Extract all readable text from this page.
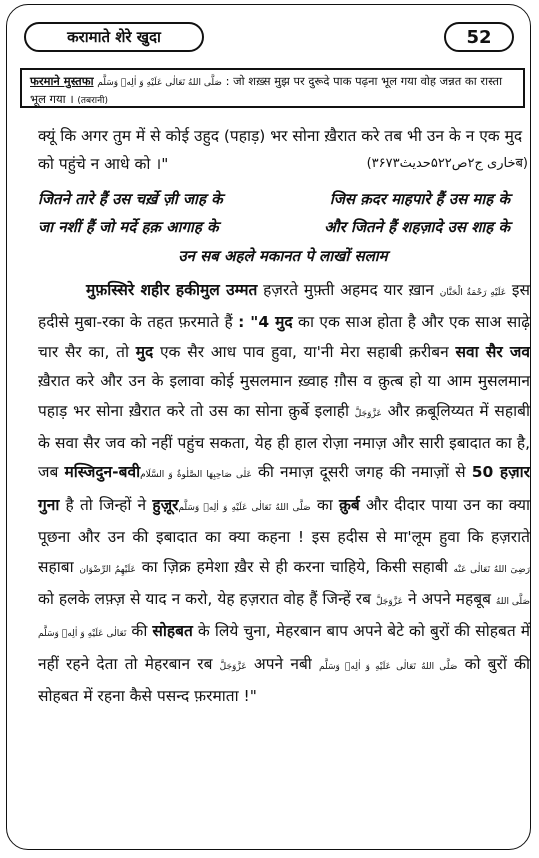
करामाते शेरे खुदा	52
फरमाने मुस्तफा صَلَّى اللهُ تَعَالٰى عَلَيْهِ وَ اٰلِهٖ وَسَلَّم : जो शख़्स मुझ पर दुरूदे पाक पढ़ना भूल गया वोह जन्नत का रास्ता भूल गया । (तबरानी)
क्यूं कि अगर तुम में से कोई उहुद (पहाड़) भर सोना ख़ैरात करे तब भी उन के न एक मुद को पहुंचे न आधे को ।"	(बخاری ج۲ص۵۲۲حدیث۳۶۷۳)
जितने तारे हैं उस चर्ख़े ज़ी जाह के	जिस क़दर माहपारे हैं उस माह के
जा नशीं हैं जो मर्दे हक़ आगाह के	और जितने हैं शहज़ादे उस शाह के
उन सब अहले मकानत पे लाखों सलाम
मुफ़स्सिरे शहीर हकीमुल उम्मत हज़रते मुफ़्ती अहमद यार ख़ान عَلَیْهِ رَحْمَةُ الْحَنَّان इस हदीसे मुबा-रका के तहत फ़रमाते हैं : "4 मुद का एक साअ होता है और एक साअ साढ़े चार सैर का, तो मुद एक सैर आध पाव हुवा, या'नी मेरा सहाबी क़रीबन सवा सैर जव ख़ैरात करे और उन के इलावा कोई मुसलमान ख़्वाह ग़ौस व क़ुत्ब हो या आम मुसलमान पहाड़ भर सोना ख़ैरात करे तो उस का सोना क़ुर्बे इलाही عَزَّوَجَلَّ और क़बूलिय्यत में सहाबी के सवा सैर जव को नहीं पहुंच सकता, येह ही हाल रोज़ा नमाज़ और सारी इबादात का है, जब मस्जिदुन-बवीعَلٰی صَاحِبِهَا الصَّلٰوةُ وَ السَّلَام की नमाज़ दूसरी जगह की नमाज़ों से 50 हज़ार गुना है तो जिन्हों ने हुज़ूरصَلَّى اللهُ تَعَالٰى عَلَيْهِ وَ اٰلِهٖ وَسَلَّم का क़ुर्ब और दीदार पाया उन का क्या पूछना और उन की इबादात का क्या कहना ! इस हदीस से मा'लूम हुवा कि हज़राते सहाबा عَلَيْهِمُ الرِّضْوَان का ज़िक्र हमेशा ख़ैर से ही करना चाहिये, किसी सहाबी رَضِیَ اللهُ تَعَالٰی عَنْه को हलके लफ़्ज़ से याद न करो, येह हज़रात वोह हैं जिन्हें रब عَزَّوَجَلَّ ने अपने महबूब صَلَّى اللهُ تَعَالٰى عَلَيْهِ وَ اٰلِهٖ وَسَلَّم की सोहबत के लिये चुना, मेहरबान बाप अपने बेटे को बुरों की सोहबत में नहीं रहने देता तो मेहरबान रब عَزَّوَجَلَّ अपने नबी صَلَّى اللهُ تَعَالٰى عَلَيْهِ وَ اٰلِهٖ وَسَلَّم को बुरों की सोहबत में रहना कैसे पसन्द फ़रमाता !"
